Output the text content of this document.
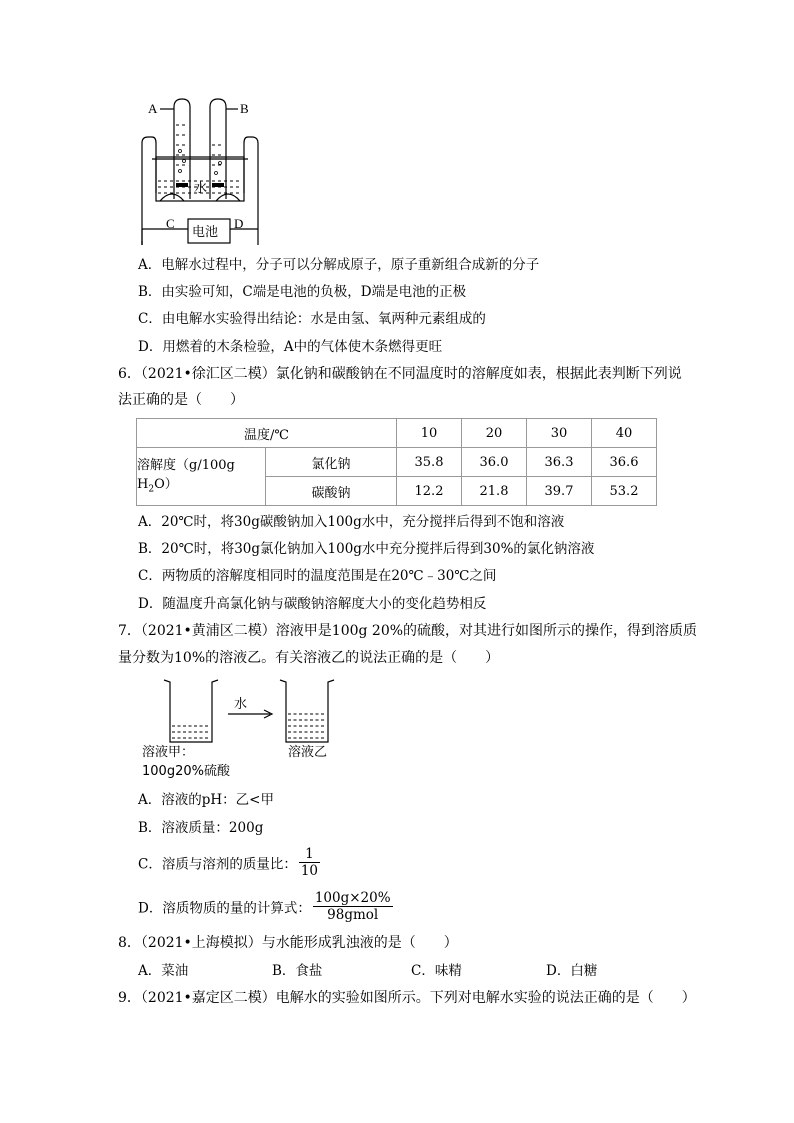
A	B
水
C	D
电池
A．电解水过程中，分子可以分解成原子，原子重新组合成新的分子
B．由实验可知，C端是电池的负极，D端是电池的正极
C．由电解水实验得出结论：水是由氢、氧两种元素组成的
D．用燃着的木条检验，A中的气体使木条燃得更旺
6．（2021•徐汇区二模）氯化钠和碳酸钠在不同温度时的溶解度如表，根据此表判断下列说
法正确的是（　　）
温度/℃		10	20	30	40
溶解度（g/100g $H_2O$）	氯化钠	35.8	36.0	36.3	36.6
	碳酸钠	12.2	21.8	39.7	53.2
A．20℃时，将30g碳酸钠加入100g水中，充分搅拌后得到不饱和溶液
B．20℃时，将30g氯化钠加入100g水中充分搅拌后得到30%的氯化钠溶液
C．两物质的溶解度相同时的温度范围是在20℃﹣30℃之间
D．随温度升高氯化钠与碳酸钠溶解度大小的变化趋势相反
7．（2021•黄浦区二模）溶液甲是100g 20%的硫酸，对其进行如图所示的操作，得到溶质质
量分数为10%的溶液乙。有关溶液乙的说法正确的是（　　）
水
溶液甲：
100g20%硫酸
溶液乙
A．溶液的pH：乙<甲
B．溶液质量：200g
C．溶质与溶剂的质量比： $\frac{1}{10}$
D．溶质物质的量的计算式： $\frac{100g\times 20\%}{\text{98gmol}}$
8．（2021•上海模拟）与水能形成乳浊液的是（　　）
A．菜油	B．食盐	C．味精	D．白糖
9．（2021•嘉定区二模）电解水的实验如图所示。下列对电解水实验的说法正确的是（　　）
